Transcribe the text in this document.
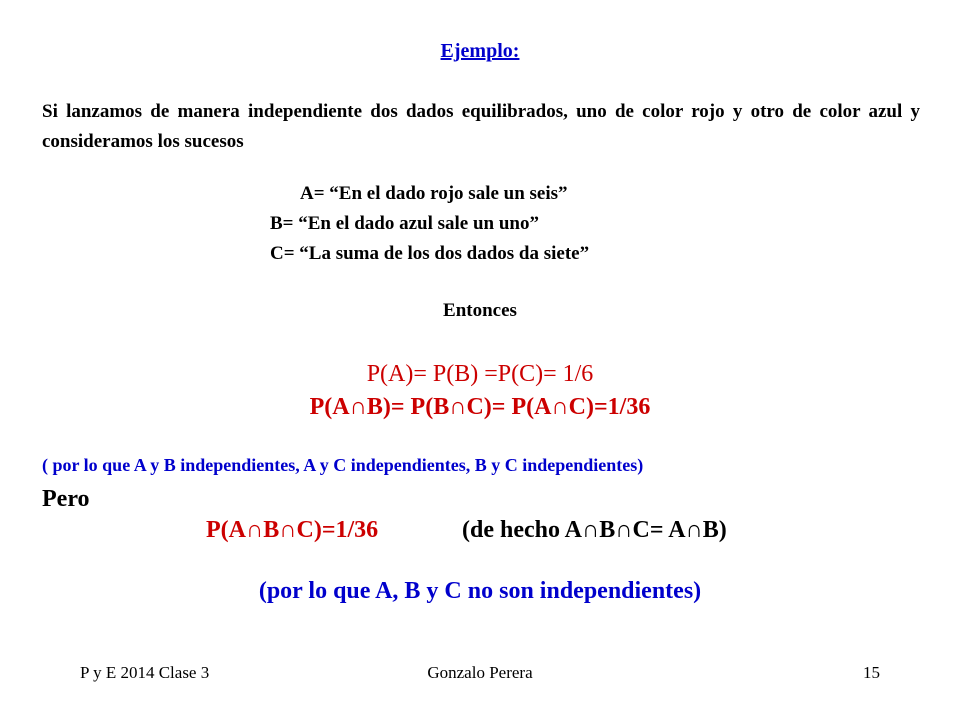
Ejemplo:

Si lanzamos de manera independiente dos dados equilibrados, uno de color rojo y otro de color azul y consideramos los sucesos

A= “En el dado rojo sale un seis”

B= “En el dado azul sale un uno”

C= “La suma de los dos dados da siete”

Entonces

P(A)= P(B) =P(C)= 1/6

P(A∩B)= P(B∩C)= P(A∩C)=1/36

( por lo que A y B independientes, A y C independientes, B y C independientes)

Pero

P(A∩B∩C)=1/36	(de hecho A∩B∩C= A∩B)

(por lo que A, B y C no son independientes)

P y E 2014 Clase 3	Gonzalo Perera	15
